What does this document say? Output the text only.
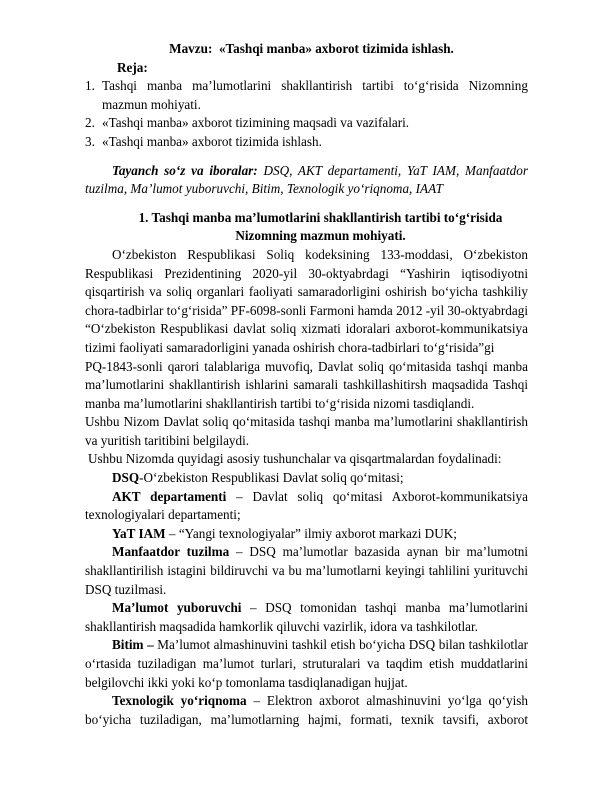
Mavzu: «Tashqi manba» axborot tizimida ishlash.

Reja:

1. Tashqi manba ma’lumotlarini shakllantirish tartibi to‘g‘risida Nizomning mazmun mohiyati.
2. «Tashqi manba» axborot tizimining maqsadi va vazifalari.
3. «Tashqi manba» axborot tizimida ishlash.

Tayanch so‘z va iboralar: DSQ, AKT departamenti, YaT IAM, Manfaatdor tuzilma, Ma’lumot yuboruvchi, Bitim, Texnologik yo‘riqnoma, IAAT

1. Tashqi manba ma’lumotlarini shakllantirish tartibi to‘g‘risida
Nizomning mazmun mohiyati.

O‘zbekiston Respublikasi Soliq kodeksining 133-moddasi, O‘zbekiston Respublikasi Prezidentining 2020-yil 30-oktyabrdagi “Yashirin iqtisodiyotni qisqartirish va soliq organlari faoliyati samaradorligini oshirish bo‘yicha tashkiliy chora-tadbirlar to‘g‘risida” PF-6098-sonli Farmoni hamda 2012 -yil 30-oktyabrdagi “O‘zbekiston Respublikasi davlat soliq xizmati idoralari axborot-kommunikatsiya tizimi faoliyati samaradorligini yanada oshirish chora-tadbirlari to‘g‘risida”gi

PQ-1843-sonli qarori talablariga muvofiq, Davlat soliq qo‘mitasida tashqi manba ma’lumotlarini shakllantirish ishlarini samarali tashkillashitirsh maqsadida Tashqi manba ma’lumotlarini shakllantirish tartibi to‘g‘risida nizomi tasdiqlandi.

Ushbu Nizom Davlat soliq qo‘mitasida tashqi manba ma’lumotlarini shakllantirish va yuritish taritibini belgilaydi.

Ushbu Nizomda quyidagi asosiy tushunchalar va qisqartmalardan foydalinadi:

DSQ-O‘zbekiston Respublikasi Davlat soliq qo‘mitasi;

AKT departamenti – Davlat soliq qo‘mitasi Axborot-kommunikatsiya texnologiyalari departamenti;

YaT IAM – “Yangi texnologiyalar” ilmiy axborot markazi DUK;

Manfaatdor tuzilma – DSQ ma’lumotlar bazasida aynan bir ma’lumotni shakllantirilish istagini bildiruvchi va bu ma’lumotlarni keyingi tahlilini yurituvchi DSQ tuzilmasi.

Ma’lumot yuboruvchi – DSQ tomonidan tashqi manba ma’lumotlarini shakllantirish maqsadida hamkorlik qiluvchi vazirlik, idora va tashkilotlar.

Bitim – Ma’lumot almashinuvini tashkil etish bo‘yicha DSQ bilan tashkilotlar o‘rtasida tuziladigan ma’lumot turlari, struturalari va taqdim etish muddatlarini belgilovchi ikki yoki ko‘p tomonlama tasdiqlanadigan hujjat.

Texnologik yo‘riqnoma – Elektron axborot almashinuvini yo‘lga qo‘yish bo‘yicha tuziladigan, ma’lumotlarning hajmi, formati, texnik tavsifi, axborot
